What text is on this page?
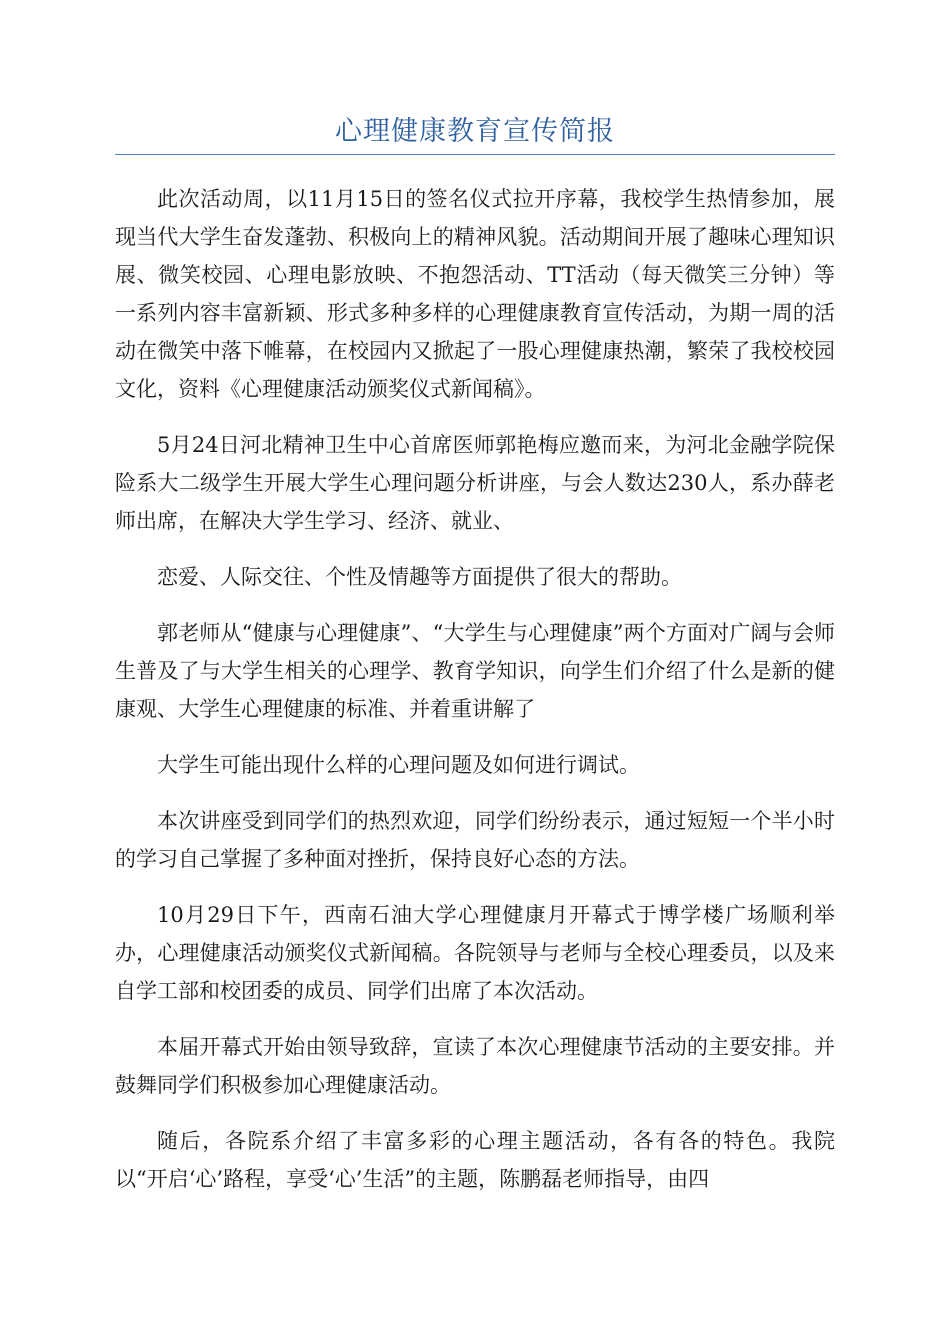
心理健康教育宣传简报

此次活动周，以11月15日的签名仪式拉开序幕，我校学生热情参加，展现当代大学生奋发蓬勃、积极向上的精神风貌。活动期间开展了趣味心理知识展、微笑校园、心理电影放映、不抱怨活动、TT活动（每天微笑三分钟）等一系列内容丰富新颖、形式多种多样的心理健康教育宣传活动，为期一周的活动在微笑中落下帷幕，在校园内又掀起了一股心理健康热潮，繁荣了我校校园文化，资料《心理健康活动颁奖仪式新闻稿》。

5月24日河北精神卫生中心首席医师郭艳梅应邀而来，为河北金融学院保险系大二级学生开展大学生心理问题分析讲座，与会人数达230人，系办薛老师出席，在解决大学生学习、经济、就业、

恋爱、人际交往、个性及情趣等方面提供了很大的帮助。

郭老师从“健康与心理健康”、“大学生与心理健康”两个方面对广阔与会师生普及了与大学生相关的心理学、教育学知识，向学生们介绍了什么是新的健康观、大学生心理健康的标准、并着重讲解了

大学生可能出现什么样的心理问题及如何进行调试。

本次讲座受到同学们的热烈欢迎，同学们纷纷表示，通过短短一个半小时的学习自己掌握了多种面对挫折，保持良好心态的方法。

10月29日下午，西南石油大学心理健康月开幕式于博学楼广场顺利举办，心理健康活动颁奖仪式新闻稿。各院领导与老师与全校心理委员，以及来自学工部和校团委的成员、同学们出席了本次活动。

本届开幕式开始由领导致辞，宣读了本次心理健康节活动的主要安排。并鼓舞同学们积极参加心理健康活动。

随后，各院系介绍了丰富多彩的心理主题活动，各有各的特色。我院以“开启‘心’路程，享受‘心’生活”的主题，陈鹏磊老师指导，由四
